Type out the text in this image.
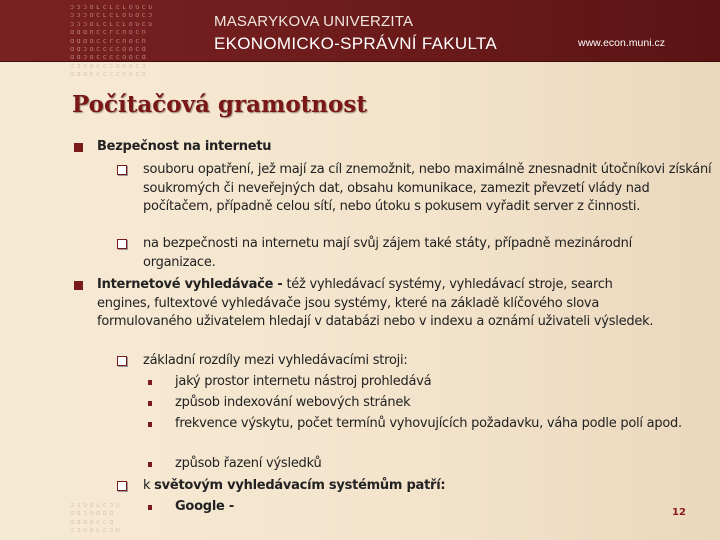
ɔɔɔoʟcʟcʟoʋcʋ
ɔɔɔocʟcʟoʋocɔ
ɔɔɔoʟcʟcʟoʋcʋ
ɑɑɑnccrcnocn
ɑɑɑoccrcnocn
ɑɑɔoccccoocɑ
ɑɑɔoccccoocɑ
MASARYKOVA UNIVERZITA
EKONOMICKO-SPRÁVNÍ FAKULTA	www.econ.muni.cz
ɔɔɔocccoʋocɔ
ɑɑɑnccrcnocn
ɔɔʋoʟcɔʋ
ɑɑɔoɑɑɑ
ɑɑɑoccɑ
ɔɔʋoʟcɔʋ
Počítačová gramotnost
Bezpečnost na internetu
souboru opatření, jež mají za cíl znemožnit, nebo maximálně znesnadnit útočníkovi získání soukromých či neveřejných dat, obsahu komunikace, zamezit převzetí vlády nad počítačem, případně celou sítí, nebo útoku s pokusem vyřadit server z činnosti.
na bezpečnosti na internetu mají svůj zájem také státy, případně mezinárodní organizace.
Internetové vyhledávače - též vyhledávací systémy, vyhledávací stroje, search engines, fultextové vyhledávače jsou systémy, které na základě klíčového slova formulovaného uživatelem hledají v databázi nebo v indexu a oznámí uživateli výsledek.
základní rozdíly mezi vyhledávacími stroji:
jaký prostor internetu nástroj prohledává
způsob indexování webových stránek
frekvence výskytu, počet termínů vyhovujících požadavku, váha podle polí apod.
způsob řazení výsledků
k světovým vyhledávacím systémům patří:
Google -	12
